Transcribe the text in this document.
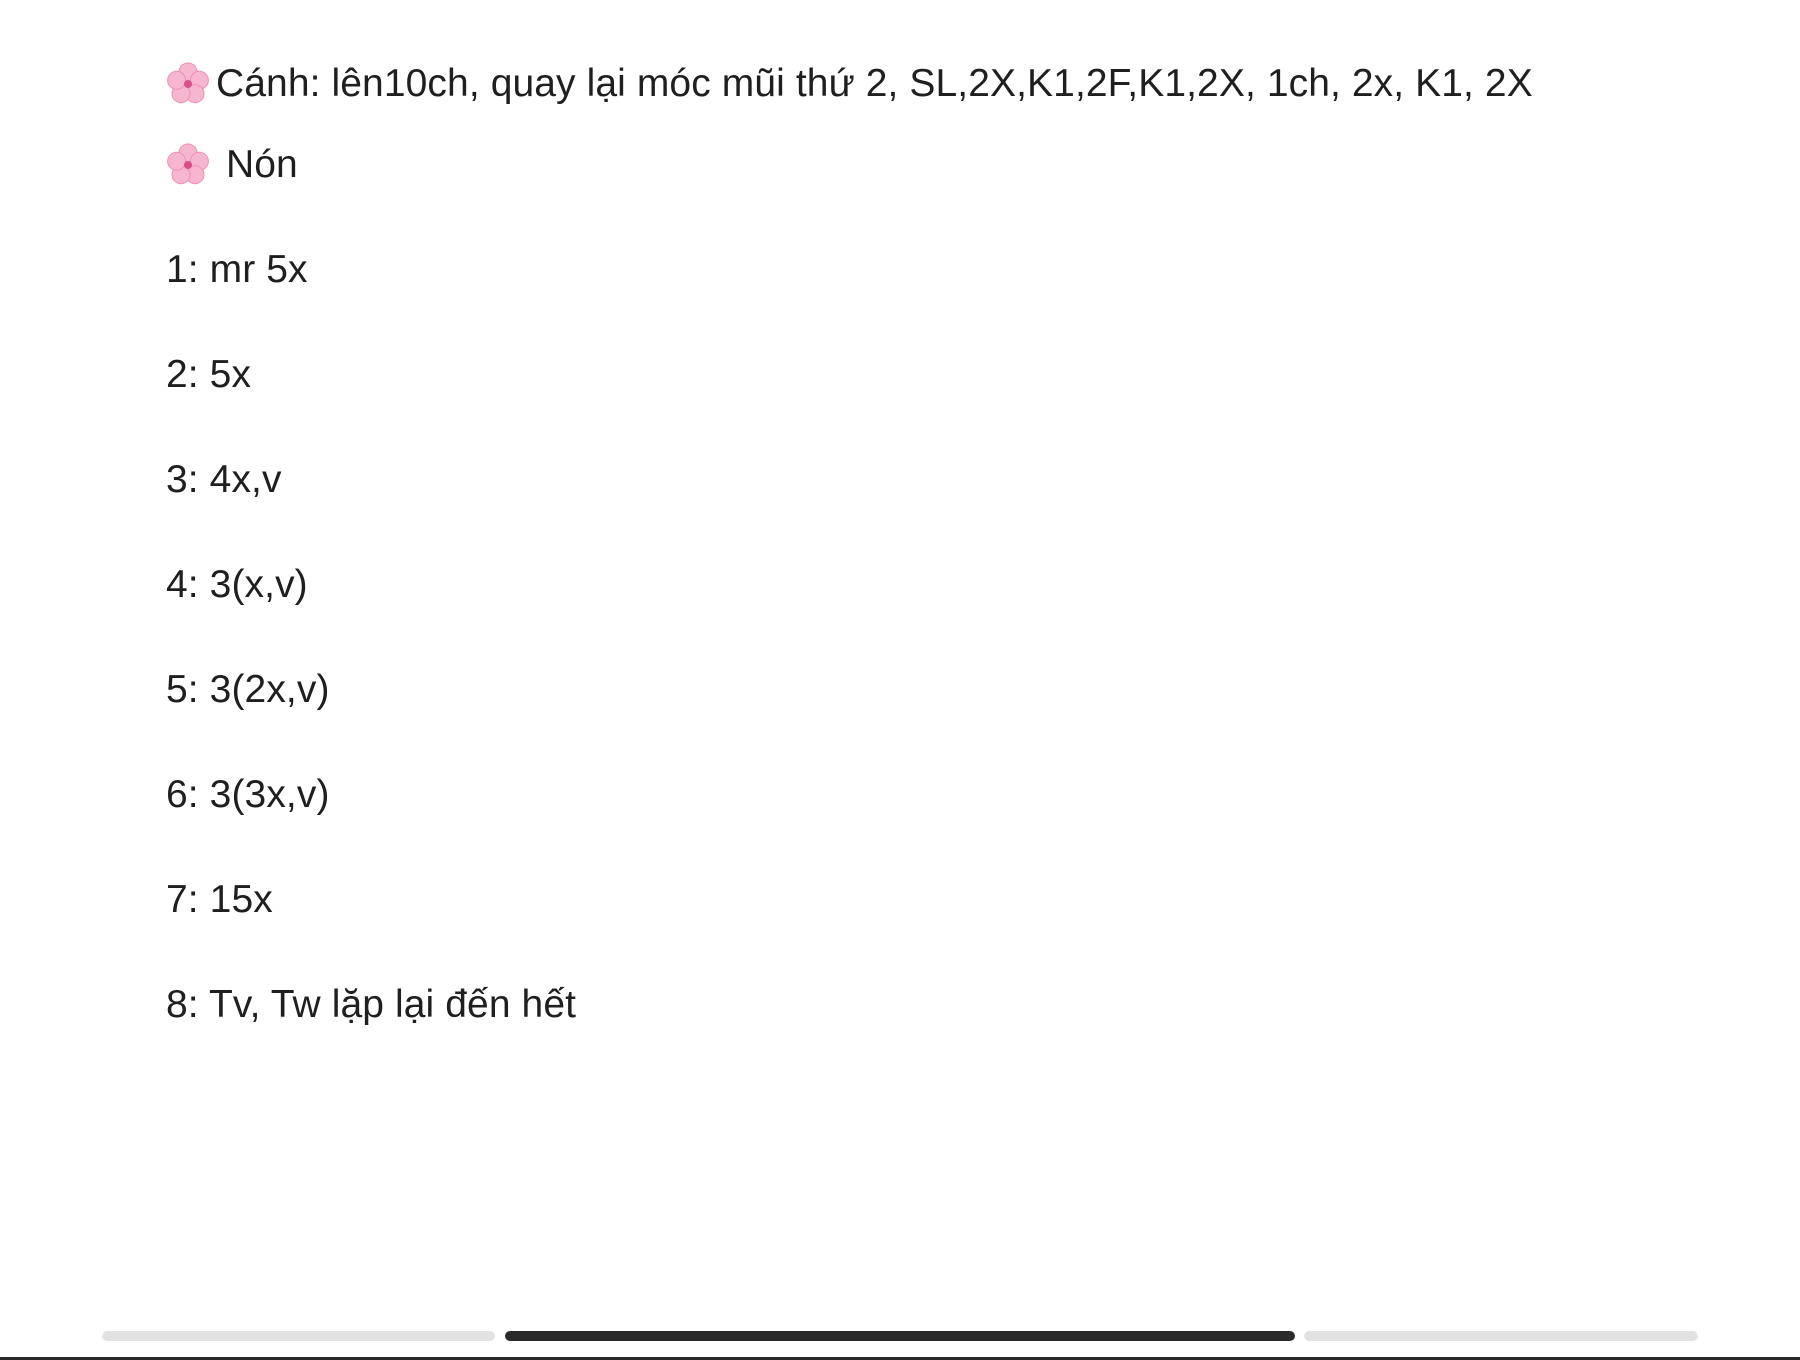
Cánh: lên10ch, quay lại móc mũi thứ 2, SL,2X,K1,2F,K1,2X, 1ch, 2x, K1, 2X
Nón
1: mr 5x
2: 5x
3: 4x,v
4: 3(x,v)
5: 3(2x,v)
6: 3(3x,v)
7: 15x
8: Tv, Tw lặp lại đến hết
